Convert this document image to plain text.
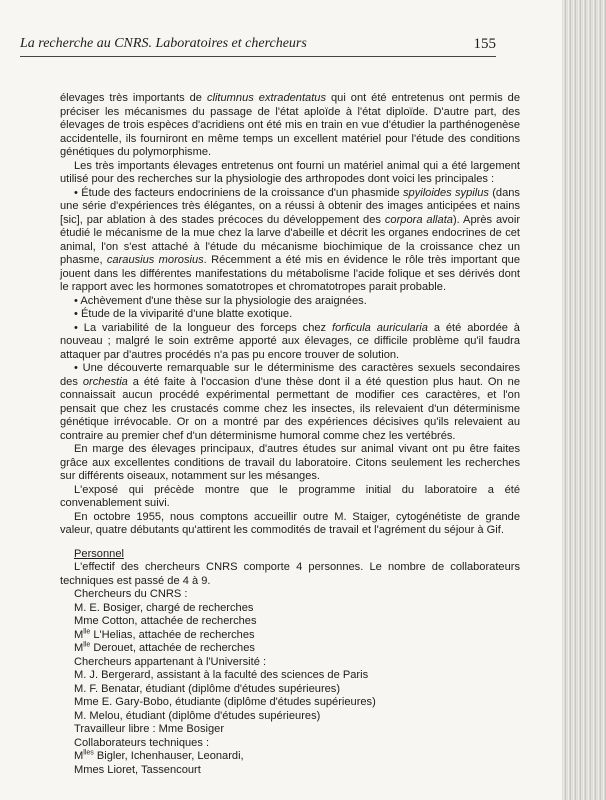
La recherche au CNRS. Laboratoires et chercheurs	155

élevages très importants de clitumnus extradentatus qui ont été entretenus ont permis de préciser les mécanismes du passage de l'état aploïde à l'état diploïde. D'autre part, des élevages de trois espèces d'acridiens ont été mis en train en vue d'étudier la parthénogenèse accidentelle, ils fourniront en même temps un excellent matériel pour l'étude des conditions génétiques du polymorphisme.

Les très importants élevages entretenus ont fourni un matériel animal qui a été largement utilisé pour des recherches sur la physiologie des arthropodes dont voici les principales :

• Étude des facteurs endocriniens de la croissance d'un phasmide spyiloides sypilus (dans une série d'expériences très élégantes, on a réussi à obtenir des images anticipées et nains [sic], par ablation à des stades précoces du développement des corpora allata). Après avoir étudié le mécanisme de la mue chez la larve d'abeille et décrit les organes endocrines de cet animal, l'on s'est attaché à l'étude du mécanisme biochimique de la croissance chez un phasme, carausius morosius. Récemment a été mis en évidence le rôle très important que jouent dans les différentes manifestations du métabolisme l'acide folique et ses dérivés dont le rapport avec les hormones somatotropes et chromatotropes parait probable.

• Achèvement d'une thèse sur la physiologie des araignées.

• Étude de la viviparité d'une blatte exotique.

• La variabilité de la longueur des forceps chez forficula auricularia a été abordée à nouveau ; malgré le soin extrême apporté aux élevages, ce difficile problème qu'il faudra attaquer par d'autres procédés n'a pas pu encore trouver de solution.

• Une découverte remarquable sur le déterminisme des caractères sexuels secondaires des orchestia a été faite à l'occasion d'une thèse dont il a été question plus haut. On ne connaissait aucun procédé expérimental permettant de modifier ces caractères, et l'on pensait que chez les crustacés comme chez les insectes, ils relevaient d'un déterminisme génétique irrévocable. Or on a montré par des expériences décisives qu'ils relevaient au contraire au premier chef d'un déterminisme humoral comme chez les vertébrés.

En marge des élevages principaux, d'autres études sur animal vivant ont pu être faites grâce aux excellentes conditions de travail du laboratoire. Citons seulement les recherches sur différents oiseaux, notamment sur les mésanges.

L'exposé qui précède montre que le programme initial du laboratoire a été convenablement suivi.

En octobre 1955, nous comptons accueillir outre M. Staiger, cytogénétiste de grande valeur, quatre débutants qu'attirent les commodités de travail et l'agrément du séjour à Gif.

Personnel

L'effectif des chercheurs CNRS comporte 4 personnes. Le nombre de collaborateurs techniques est passé de 4 à 9.

Chercheurs du CNRS :
M. E. Bosiger, chargé de recherches
Mme Cotton, attachée de recherches
$M^{lle}$ L'Helias, attachée de recherches
$M^{lle}$ Derouet, attachée de recherches
Chercheurs appartenant à l'Université :
M. J. Bergerard, assistant à la faculté des sciences de Paris
M. F. Benatar, étudiant (diplôme d'études supérieures)
Mme E. Gary-Bobo, étudiante (diplôme d'études supérieures)
M. Melou, étudiant (diplôme d'études supérieures)
Travailleur libre : Mme Bosiger
Collaborateurs techniques :
$M^{lles}$ Bigler, Ichenhauser, Leonardi,
Mmes Lioret, Tassencourt
